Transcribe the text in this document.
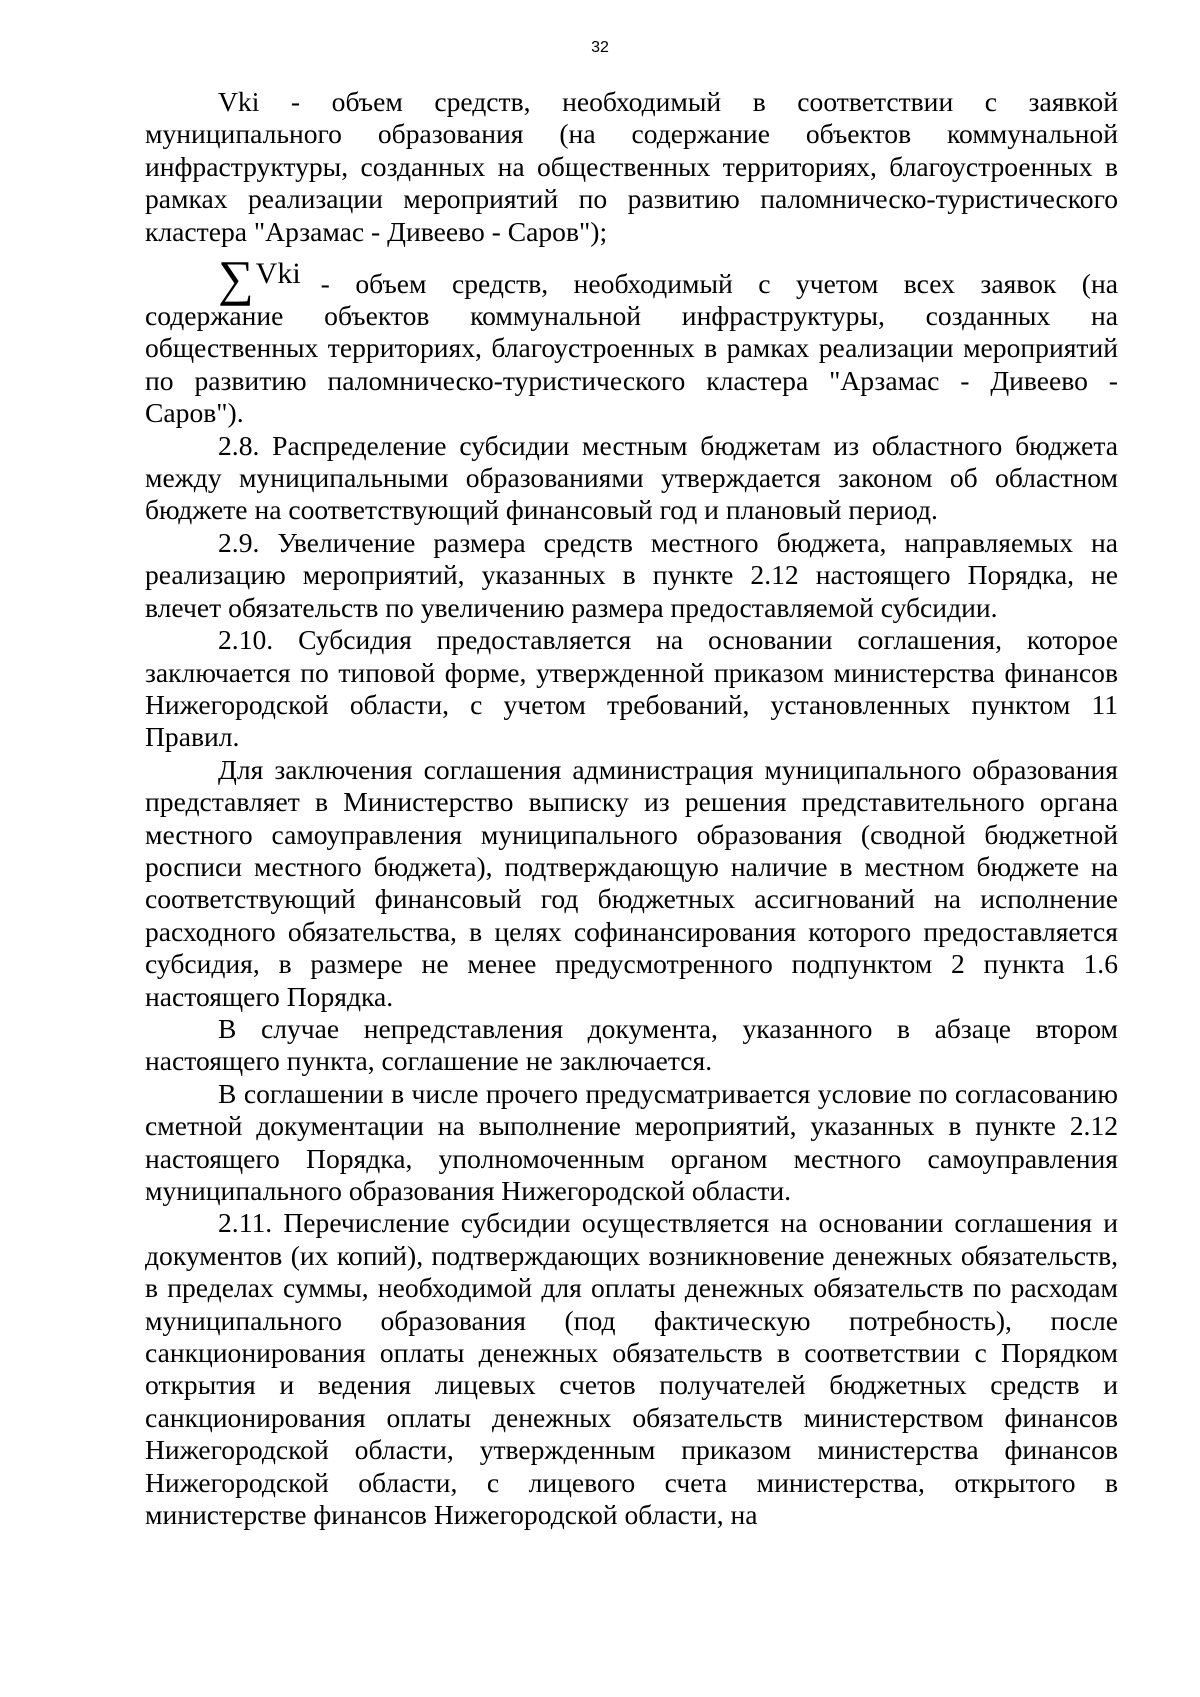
32

Vki - объем средств, необходимый в соответствии с заявкой муниципального образования (на содержание объектов коммунальной инфраструктуры, созданных на общественных территориях, благоустроенных в рамках реализации мероприятий по развитию паломническо-туристического кластера "Арзамас - Дивеево - Саров");

∑ Vki - объем средств, необходимый с учетом всех заявок (на

содержание объектов коммунальной инфраструктуры, созданных на общественных территориях, благоустроенных в рамках реализации мероприятий по развитию паломническо-туристического кластера "Арзамас - Дивеево - Саров").

2.8. Распределение субсидии местным бюджетам из областного бюджета между муниципальными образованиями утверждается законом об областном бюджете на соответствующий финансовый год и плановый период.

2.9. Увеличение размера средств местного бюджета, направляемых на реализацию мероприятий, указанных в пункте 2.12 настоящего Порядка, не влечет обязательств по увеличению размера предоставляемой субсидии.

2.10. Субсидия предоставляется на основании соглашения, которое заключается по типовой форме, утвержденной приказом министерства финансов Нижегородской области, с учетом требований, установленных пунктом 11 Правил.

Для заключения соглашения администрация муниципального образования представляет в Министерство выписку из решения представительного органа местного самоуправления муниципального образования (сводной бюджетной росписи местного бюджета), подтверждающую наличие в местном бюджете на соответствующий финансовый год бюджетных ассигнований на исполнение расходного обязательства, в целях софинансирования которого предоставляется субсидия, в размере не менее предусмотренного подпунктом 2 пункта 1.6 настоящего Порядка.

В случае непредставления документа, указанного в абзаце втором настоящего пункта, соглашение не заключается.

В соглашении в числе прочего предусматривается условие по согласованию сметной документации на выполнение мероприятий, указанных в пункте 2.12 настоящего Порядка, уполномоченным органом местного самоуправления муниципального образования Нижегородской области.

2.11. Перечисление субсидии осуществляется на основании соглашения и документов (их копий), подтверждающих возникновение денежных обязательств, в пределах суммы, необходимой для оплаты денежных обязательств по расходам муниципального образования (под фактическую потребность), после санкционирования оплаты денежных обязательств в соответствии с Порядком открытия и ведения лицевых счетов получателей бюджетных средств и санкционирования оплаты денежных обязательств министерством финансов Нижегородской области, утвержденным приказом министерства финансов Нижегородской области, с лицевого счета министерства, открытого в министерстве финансов Нижегородской области, на
